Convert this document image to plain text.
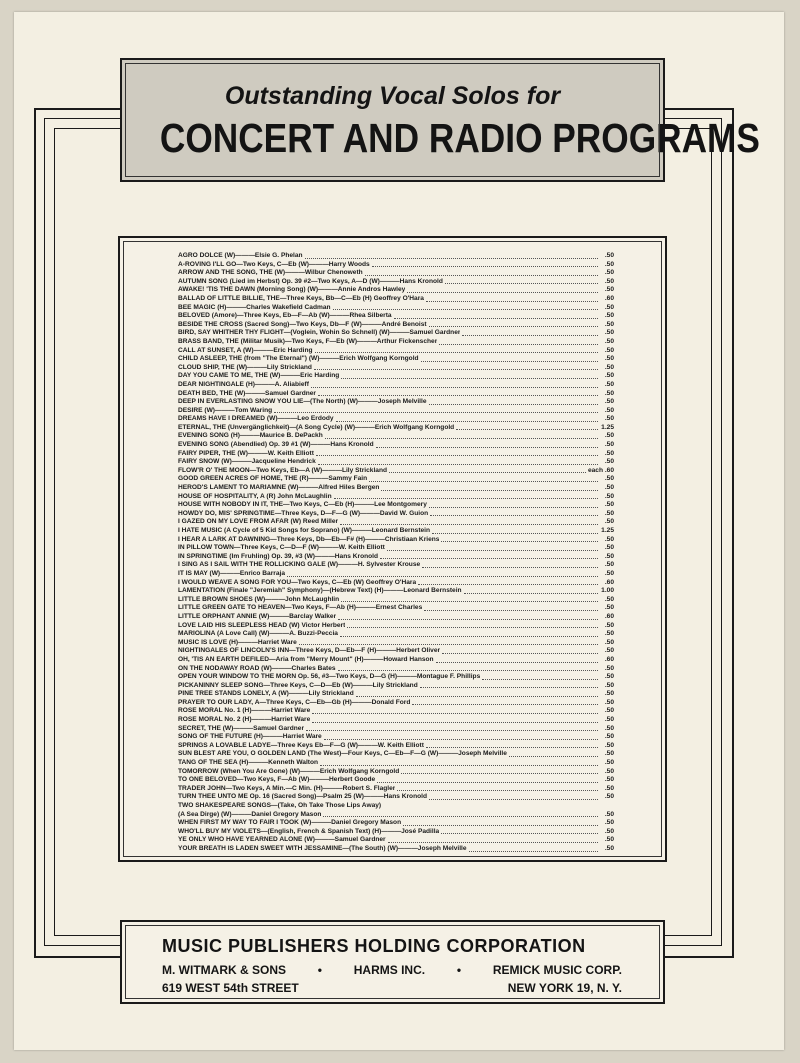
Outstanding Vocal Solos for
CONCERT AND RADIO PROGRAMS
AGRO DOLCE (W)———Elsie G. Phelan	.50
A-ROVING I'LL GO—Two Keys, C—Eb (W)———Harry Woods	.50
ARROW AND THE SONG, THE (W)———Wilbur Chenoweth	.50
AUTUMN SONG (Lied im Herbst) Op. 39 #2—Two Keys, A—D (W)———Hans Kronold	.50
AWAKE! 'TIS THE DAWN (Morning Song) (W)———Annie Andros Hawley	.50
BALLAD OF LITTLE BILLIE, THE—Three Keys, Bb—C—Eb (H) Geoffrey O'Hara	.60
BEE MAGIC (H)———Charles Wakefield Cadman	.50
BELOVED (Amore)—Three Keys, Eb—F—Ab (W)———Rhea Silberta	.50
BESIDE THE CROSS (Sacred Song)—Two Keys, Db—F (W)———André Benoist	.50
BIRD, SAY WHITHER THY FLIGHT—(Voglein, Wohin So Schnell) (W)———Samuel Gardner	.50
BRASS BAND, THE (Militar Musik)—Two Keys, F—Eb (W)———Arthur Fickenscher	.50
CALL AT SUNSET, A (W)———Eric Harding	.50
CHILD ASLEEP, THE (from "The Eternal") (W)———Erich Wolfgang Korngold	.50
CLOUD SHIP, THE (W)———Lily Strickland	.50
DAY YOU CAME TO ME, THE (W)———Eric Harding	.50
DEAR NIGHTINGALE (H)———A. Aliabieff	.50
DEATH BED, THE (W)———Samuel Gardner	.50
DEEP IN EVERLASTING SNOW YOU LIE—(The North) (W)———Joseph Melville	.50
DESIRE (W)———Tom Waring	.50
DREAMS HAVE I DREAMED (W)———Leo Erdody	.50
ETERNAL, THE (Unvergänglichkeit)—(A Song Cycle) (W)———Erich Wolfgang Korngold	1.25
EVENING SONG (H)———Maurice B. DePackh	.50
EVENING SONG (Abendlied) Op. 39 #1 (W)———Hans Kronold	.50
FAIRY PIPER, THE (W)———W. Keith Elliott	.50
FAIRY SNOW (W)———Jacqueline Hendrick	.50
FLOW'R O' THE MOON—Two Keys, Eb—A (W)———Lily Strickland	each .60
GOOD GREEN ACRES OF HOME, THE (R)———Sammy Fain	.50
HEROD'S LAMENT TO MARIAMNE (W)———Alfred Hiles Bergen	.50
HOUSE OF HOSPITALITY, A (R) John McLaughlin	.50
HOUSE WITH NOBODY IN IT, THE—Two Keys, C—Eb (H)———Lee Montgomery	.50
HOWDY DO, MIS' SPRINGTIME—Three Keys, D—F—G (W)———David W. Guion	.50
I GAZED ON MY LOVE FROM AFAR (W) Reed Miller	.50
I HATE MUSIC (A Cycle of 5 Kid Songs for Soprano) (W)———Leonard Bernstein	1.25
I HEAR A LARK AT DAWNING—Three Keys, Db—Eb—F# (H)———Christiaan Kriens	.50
IN PILLOW TOWN—Three Keys, C—D—F (W)———W. Keith Elliott	.50
IN SPRINGTIME (Im Fruhling) Op. 39, #3 (W)———Hans Kronold	.50
I SING AS I SAIL WITH THE ROLLICKING GALE (W)———H. Sylvester Krouse	.50
IT IS MAY (W)———Enrico Barraja	.50
I WOULD WEAVE A SONG FOR YOU—Two Keys, C—Eb (W) Geoffrey O'Hara	.60
LAMENTATION (Finale "Jeremiah" Symphony)—(Hebrew Text) (H)———Leonard Bernstein	1.00
LITTLE BROWN SHOES (W)———John McLaughlin	.50
LITTLE GREEN GATE TO HEAVEN—Two Keys, F—Ab (H)———Ernest Charles	.50
LITTLE ORPHANT ANNIE (W)———Barclay Walker	.60
LOVE LAID HIS SLEEPLESS HEAD (W) Victor Herbert	.50
MARIOLINA (A Love Call) (W)———A. Buzzi-Peccia	.50
MUSIC IS LOVE (H)———Harriet Ware	.50
NIGHTINGALES OF LINCOLN'S INN—Three Keys, D—Eb—F (H)———Herbert Oliver	.50
OH, 'TIS AN EARTH DEFILED—Aria from "Merry Mount" (H)———Howard Hanson	.60
ON THE NODAWAY ROAD (W)———Charles Bates	.50
OPEN YOUR WINDOW TO THE MORN Op. 56, #3—Two Keys, D—G (H)———Montague F. Phillips	.50
PICKANINNY SLEEP SONG—Three Keys, C—D—Eb (W)———Lily Strickland	.50
PINE TREE STANDS LONELY, A (W)———Lily Strickland	.50
PRAYER TO OUR LADY, A—Three Keys, C—Eb—Gb (H)———Donald Ford	.50
ROSE MORAL No. 1 (H)———Harriet Ware	.50
ROSE MORAL No. 2 (H)———Harriet Ware	.50
SECRET, THE (W)———Samuel Gardner	.50
SONG OF THE FUTURE (H)———Harriet Ware	.50
SPRINGS A LOVABLE LADYE—Three Keys Eb—F—G (W)———W. Keith Elliott	.50
SUN BLEST ARE YOU, O GOLDEN LAND (The West)—Four Keys, C—Eb—F—G (W)———Joseph Melville	.50
TANG OF THE SEA (H)———Kenneth Walton	.50
TOMORROW (When You Are Gone) (W)———Erich Wolfgang Korngold	.50
TO ONE BELOVED—Two Keys, F—Ab (W)———Herbert Goode	.50
TRADER JOHN—Two Keys, A Min.—C Min. (H)———Robert S. Flagler	.50
TURN THEE UNTO ME Op. 16 (Sacred Song)—Psalm 25 (W)———Hans Kronold	.50
TWO SHAKESPEARE SONGS—(Take, Oh Take Those Lips Away)
(A Sea Dirge) (W)———Daniel Gregory Mason	.50
WHEN FIRST MY WAY TO FAIR I TOOK (W)———Daniel Gregory Mason	.50
WHO'LL BUY MY VIOLETS—(English, French & Spanish Text) (H)———José Padilla	.50
YE ONLY WHO HAVE YEARNED ALONE (W)———Samuel Gardner	.50
YOUR BREATH IS LADEN SWEET WITH JESSAMINE—(The South) (W)———Joseph Melville	.50
MUSIC PUBLISHERS HOLDING CORPORATION
M. WITMARK & SONS	•	HARMS INC.	•	REMICK MUSIC CORP.
619 WEST 54th STREET	NEW YORK 19, N. Y.
